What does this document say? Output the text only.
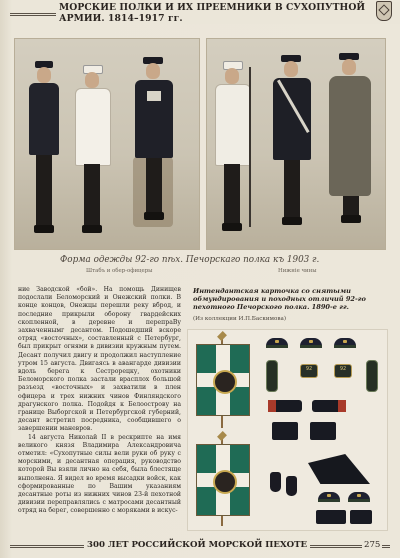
МОРСКИЕ ПОЛКИ И ИХ ПРЕЕМНИКИ В СУХОПУТНОЙ АРМИИ. 1814–1917 гг.
Форма одежды 92-го пѣх. Печорскаго полка къ 1903 г.
Штабъ и обер-офицеры	Нижніе чины

ние Заводской «бой». На помощь Динищев подослали Беломорский и Онежский полки. В конце концов, Онежцы перешли реку вброд, и последние прикрыли оборону гвардейских скопленной, в деревне и перепраВу захваченнымг десантом. Подошедший вскоре отряд «восточных», составленный с Петербург, был прикрыт огнями в дивизии кружным путем. Десант получил двигу и продолжил наступление утром 15 августа. Двигаясь в авангарде дивизии вдоль берега к Сестрорецку, охотники Беломорского полка застали врасплох большой разъезд «восточных» и захватили в плен офицера и трех нижних чинов Финляндского драгунского полка. Подойдя к Белоострову на границе Выборгской и Петербургской губерний, десант встретил посредника, сообщившего о завершении маневров.

14 августа Николай II в рескрипте на имя великого князя Владимира Александровича отметил: «Сухопутные силы вели руки об руку с морскими, и десантная операция, руководство которой Вы взяли лично на себя, была блестяще выполнена. Я видел во время высадки войск, как сформированные по Вашим указаниям десантные роты из нижних чинов 23-й пехотной дивизии переправлялись с матросами десантный отряд на берег, совершенно с моряками в искус-

Интендантская карточка со снятыми обмундирования и походных отличий 92-го пехотного Печорского полка. 1890-е гг.
(Из коллекции И.П.Баскимова)
92	92
300 ЛЕТ РОССИЙСКОЙ МОРСКОЙ ПЕХОТЕ	275
